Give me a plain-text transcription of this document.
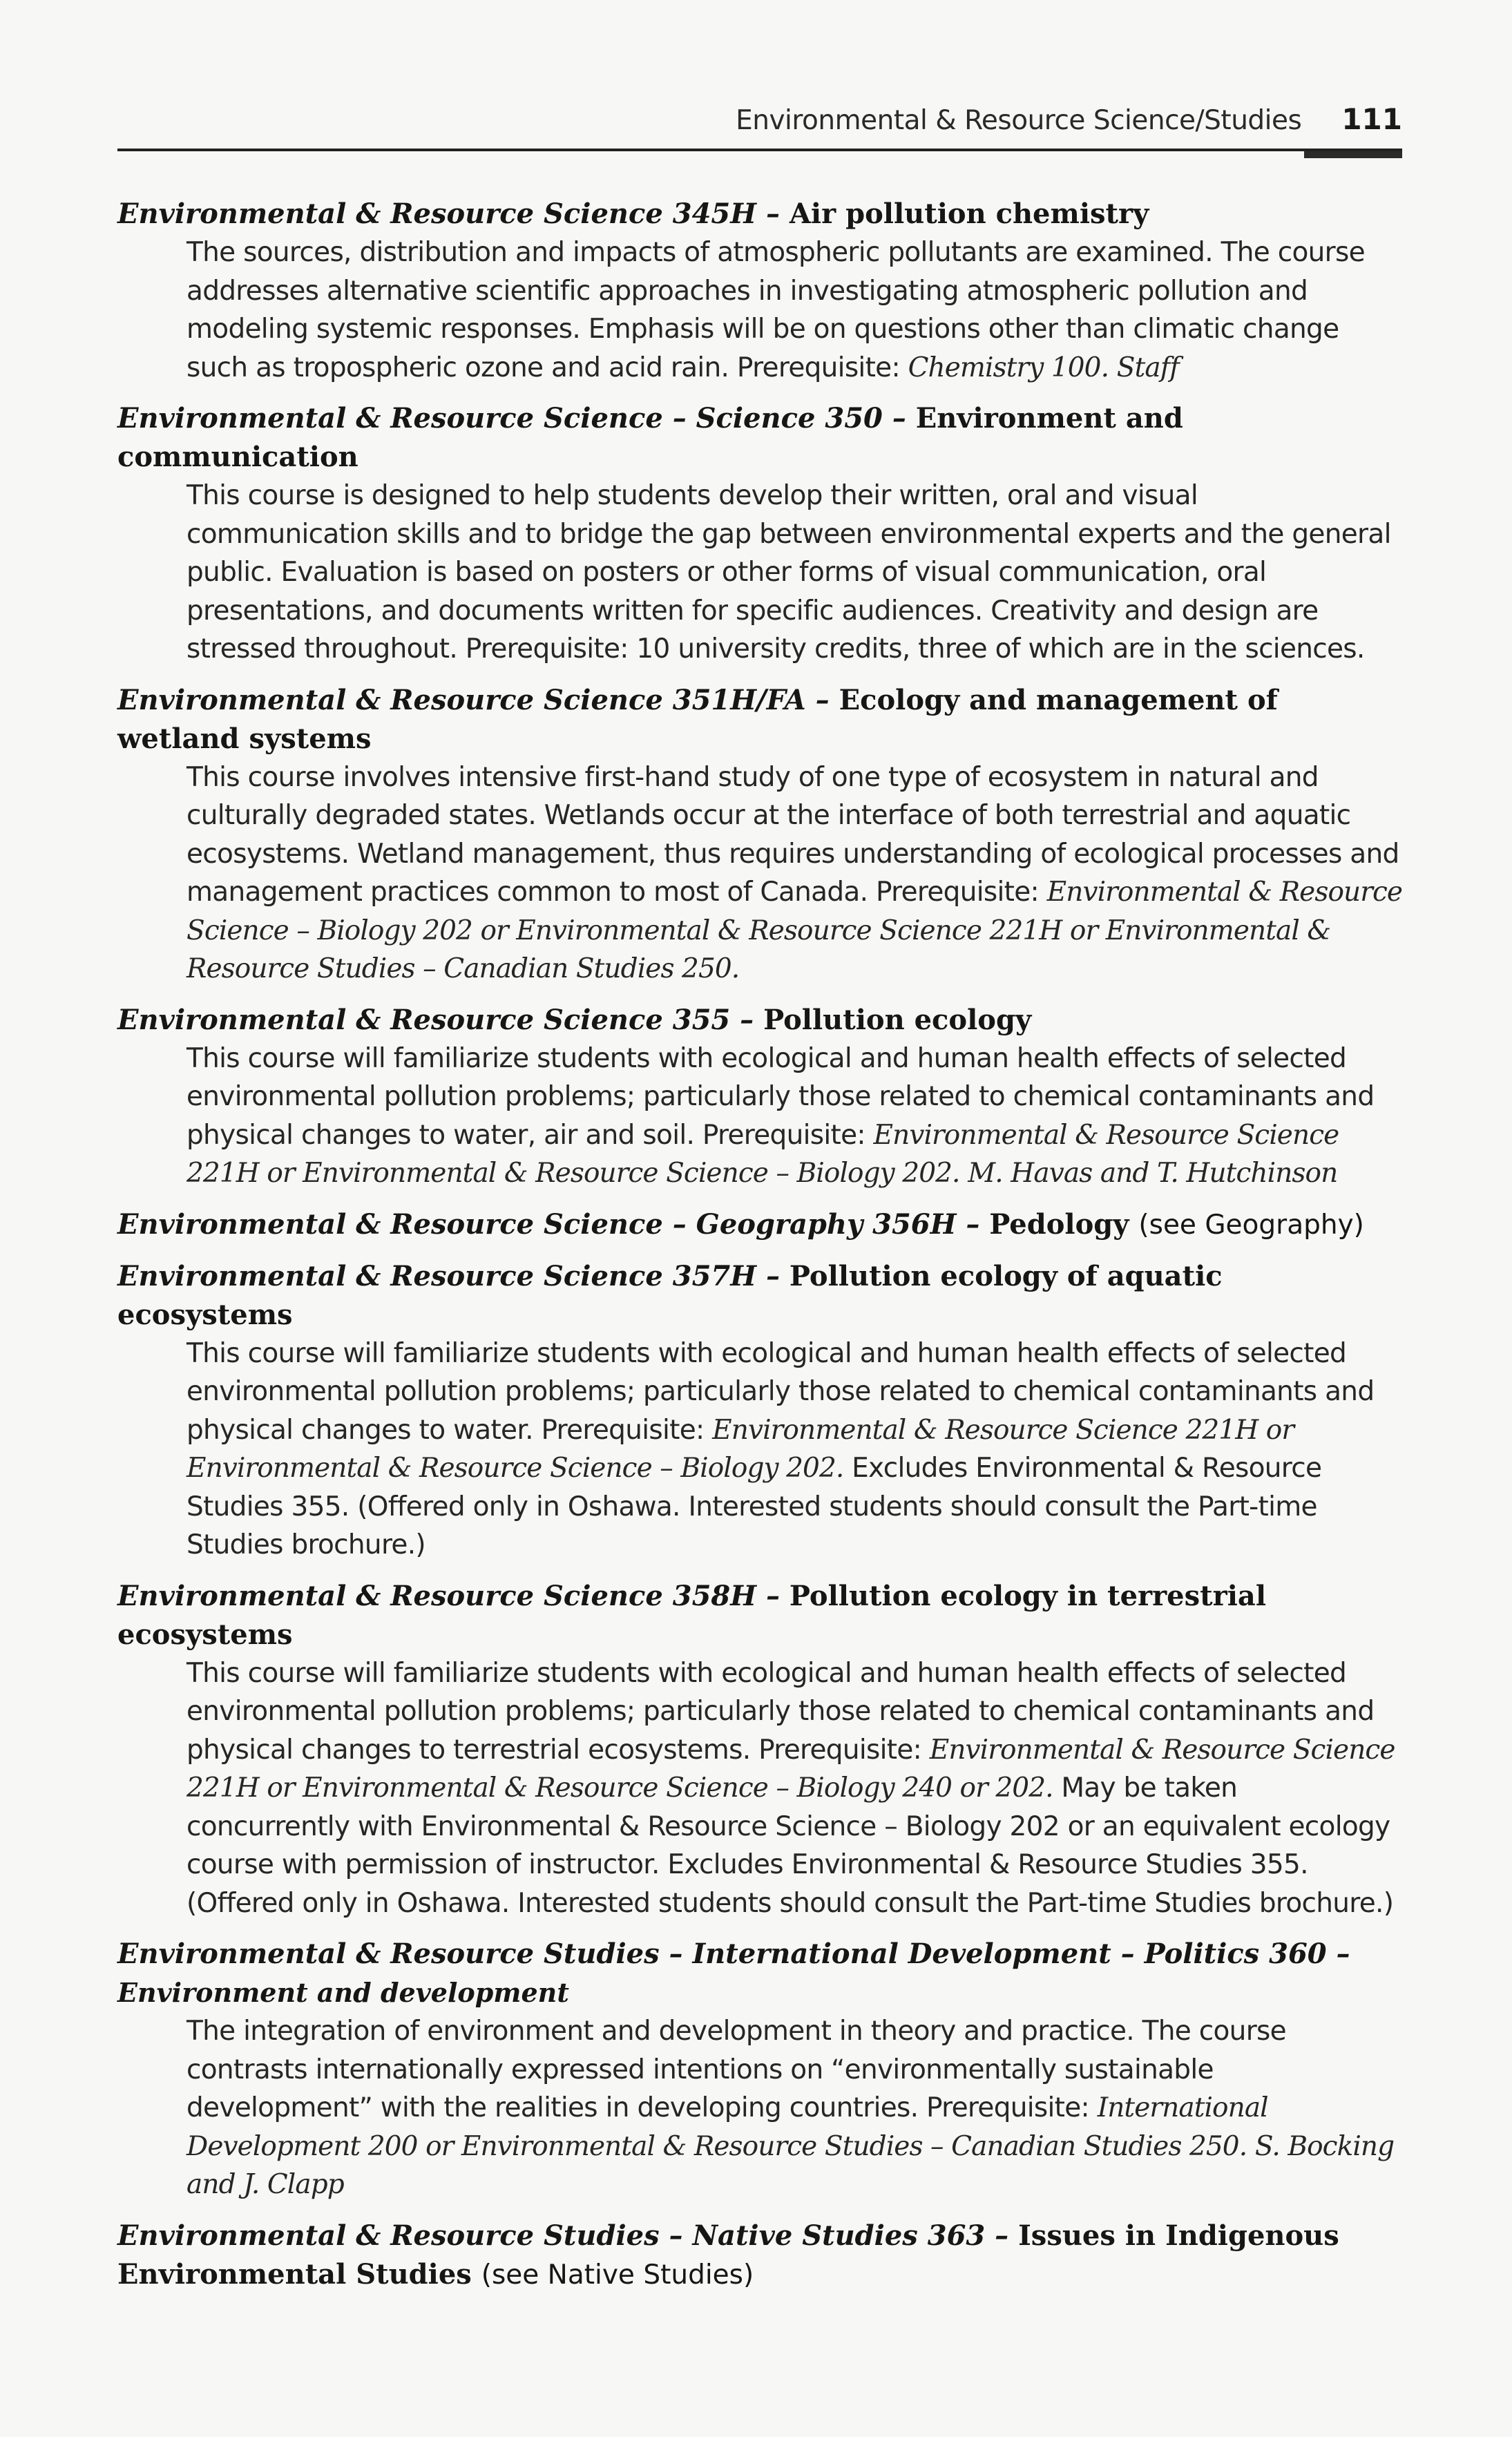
Environmental & Resource Science/Studies 111
Environmental & Resource Science 345H – Air pollution chemistry
The sources, distribution and impacts of atmospheric pollutants are examined. The course addresses alternative scientific approaches in investigating atmospheric pollution and modeling systemic responses. Emphasis will be on questions other than climatic change such as tropospheric ozone and acid rain. Prerequisite: Chemistry 100. Staff
Environmental & Resource Science – Science 350 – Environment and communication
This course is designed to help students develop their written, oral and visual communication skills and to bridge the gap between environmental experts and the general public. Evaluation is based on posters or other forms of visual communication, oral presentations, and documents written for specific audiences. Creativity and design are stressed throughout. Prerequisite: 10 university credits, three of which are in the sciences.
Environmental & Resource Science 351H/FA – Ecology and management of wetland systems
This course involves intensive first-hand study of one type of ecosystem in natural and culturally degraded states. Wetlands occur at the interface of both terrestrial and aquatic ecosystems. Wetland management, thus requires understanding of ecological processes and management practices common to most of Canada. Prerequisite: Environmental & Resource Science – Biology 202 or Environmental & Resource Science 221H or Environmental & Resource Studies – Canadian Studies 250.
Environmental & Resource Science 355 – Pollution ecology
This course will familiarize students with ecological and human health effects of selected environmental pollution problems; particularly those related to chemical contaminants and physical changes to water, air and soil. Prerequisite: Environmental & Resource Science 221H or Environmental & Resource Science – Biology 202. M. Havas and T. Hutchinson
Environmental & Resource Science – Geography 356H – Pedology (see Geography)
Environmental & Resource Science 357H – Pollution ecology of aquatic ecosystems
This course will familiarize students with ecological and human health effects of selected environmental pollution problems; particularly those related to chemical contaminants and physical changes to water. Prerequisite: Environmental & Resource Science 221H or Environmental & Resource Science – Biology 202. Excludes Environmental & Resource Studies 355. (Offered only in Oshawa. Interested students should consult the Part-time Studies brochure.)
Environmental & Resource Science 358H – Pollution ecology in terrestrial ecosystems
This course will familiarize students with ecological and human health effects of selected environmental pollution problems; particularly those related to chemical contaminants and physical changes to terrestrial ecosystems. Prerequisite: Environmental & Resource Science 221H or Environmental & Resource Science – Biology 240 or 202. May be taken concurrently with Environmental & Resource Science – Biology 202 or an equivalent ecology course with permission of instructor. Excludes Environmental & Resource Studies 355. (Offered only in Oshawa. Interested students should consult the Part-time Studies brochure.)
Environmental & Resource Studies – International Development – Politics 360 –
Environment and development
The integration of environment and development in theory and practice. The course contrasts internationally expressed intentions on “environmentally sustainable development” with the realities in developing countries. Prerequisite: International Development 200 or Environmental & Resource Studies – Canadian Studies 250. S. Bocking and J. Clapp
Environmental & Resource Studies – Native Studies 363 – Issues in Indigenous Environmental Studies (see Native Studies)
